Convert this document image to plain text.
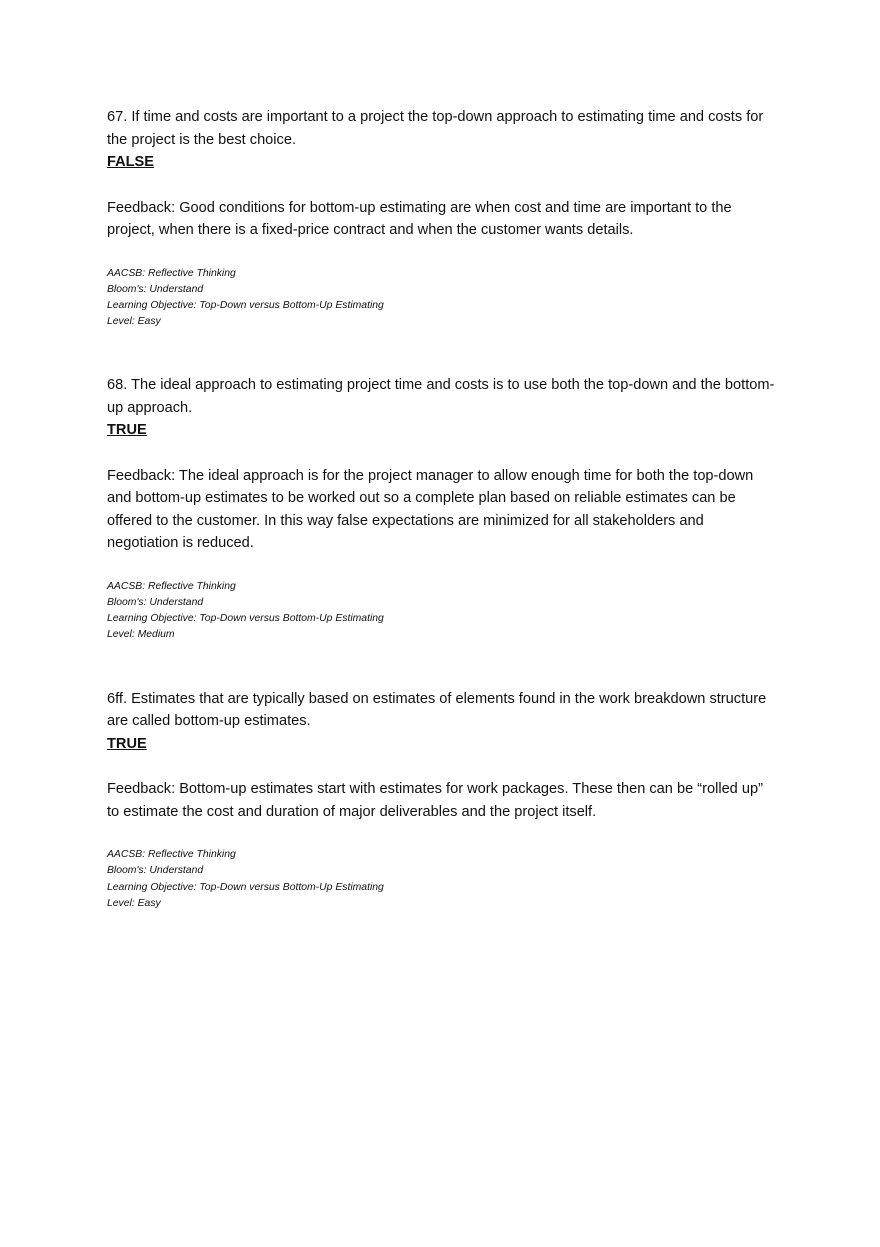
67. If time and costs are important to a project the top-down approach to estimating time and costs for the project is the best choice.

FALSE

Feedback: Good conditions for bottom-up estimating are when cost and time are important to the project, when there is a fixed-price contract and when the customer wants details.

AACSB: Reflective Thinking

Bloom's: Understand

Learning Objective: Top-Down versus Bottom-Up Estimating

Level: Easy

68. The ideal approach to estimating project time and costs is to use both the top-down and the bottom-up approach.

TRUE

Feedback: The ideal approach is for the project manager to allow enough time for both the top-down and bottom-up estimates to be worked out so a complete plan based on reliable estimates can be offered to the customer. In this way false expectations are minimized for all stakeholders and negotiation is reduced.

AACSB: Reflective Thinking

Bloom's: Understand

Learning Objective: Top-Down versus Bottom-Up Estimating

Level: Medium

6ff. Estimates that are typically based on estimates of elements found in the work breakdown structure are called bottom-up estimates.

TRUE

Feedback: Bottom-up estimates start with estimates for work packages. These then can be “rolled up” to estimate the cost and duration of major deliverables and the project itself.

AACSB: Reflective Thinking

Bloom's: Understand

Learning Objective: Top-Down versus Bottom-Up Estimating

Level: Easy
